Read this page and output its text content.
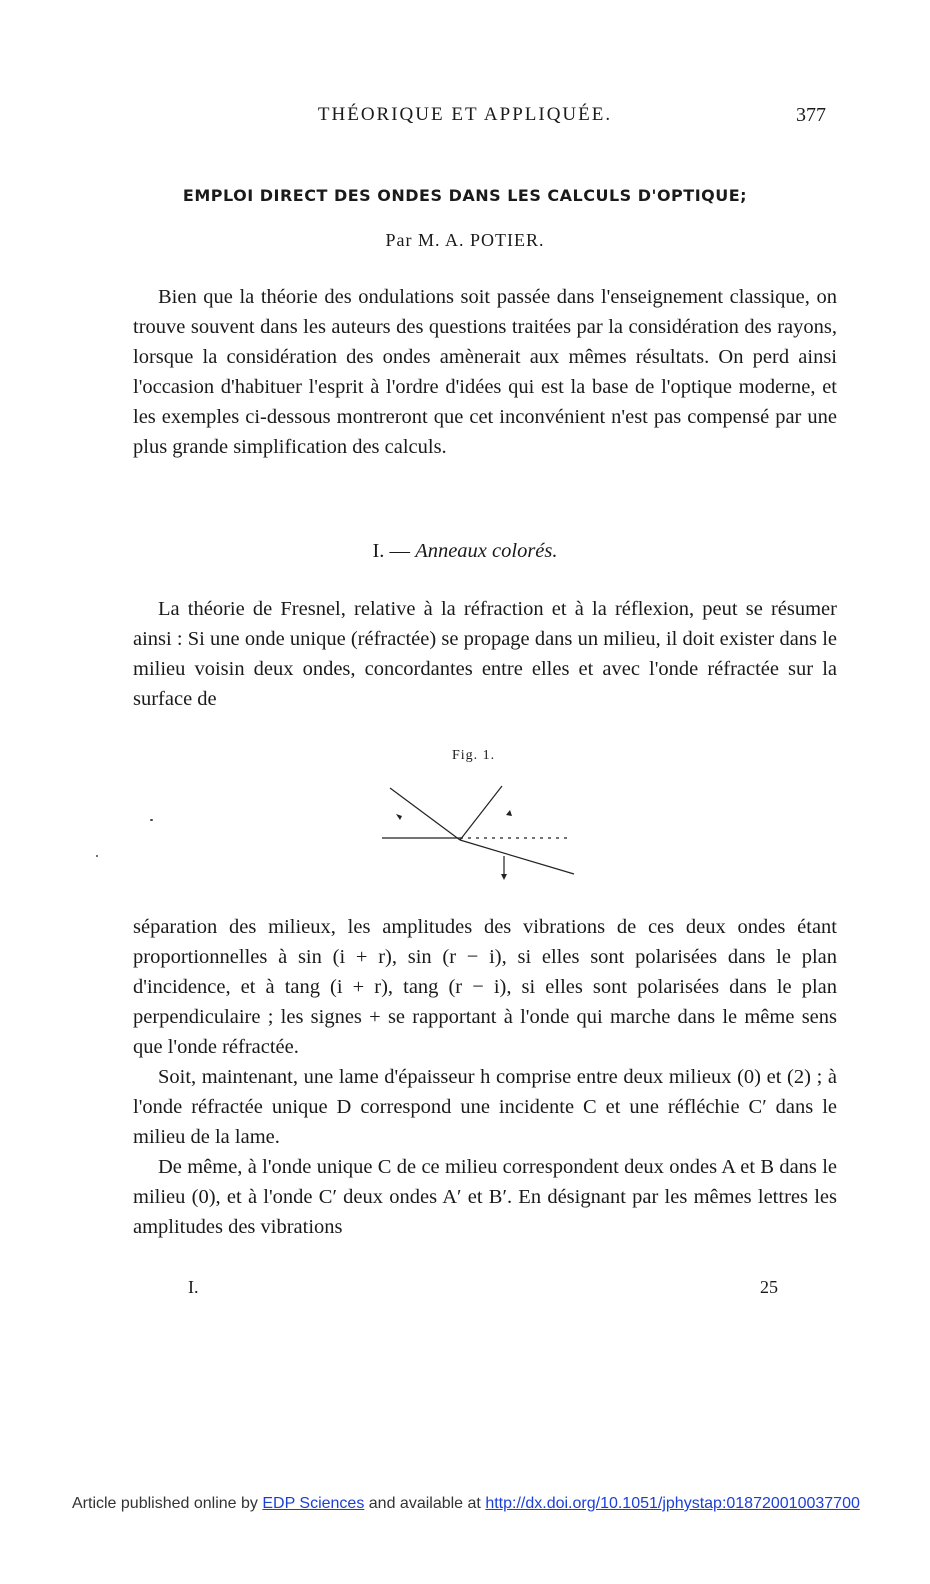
THÉORIQUE ET APPLIQUÉE.	377
EMPLOI DIRECT DES ONDES DANS LES CALCULS D'OPTIQUE;
Par M. A. POTIER.

Bien que la théorie des ondulations soit passée dans l'enseignement classique, on trouve souvent dans les auteurs des questions traitées par la considération des rayons, lorsque la considération des ondes amènerait aux mêmes résultats. On perd ainsi l'occasion d'habituer l'esprit à l'ordre d'idées qui est la base de l'optique moderne, et les exemples ci-dessous montreront que cet inconvénient n'est pas compensé par une plus grande simplification des calculs.

I. — Anneaux colorés.

La théorie de Fresnel, relative à la réfraction et à la réflexion, peut se résumer ainsi : Si une onde unique (réfractée) se propage dans un milieu, il doit exister dans le milieu voisin deux ondes, concordantes entre elles et avec l'onde réfractée sur la surface de

Fig. 1.

séparation des milieux, les amplitudes des vibrations de ces deux ondes étant proportionnelles à sin (i + r), sin (r − i), si elles sont polarisées dans le plan d'incidence, et à tang (i + r), tang (r − i), si elles sont polarisées dans le plan perpendiculaire ; les signes + se rapportant à l'onde qui marche dans le même sens que l'onde réfractée.

Soit, maintenant, une lame d'épaisseur h comprise entre deux milieux (0) et (2) ; à l'onde réfractée unique D correspond une incidente C et une réfléchie C′ dans le milieu de la lame.

De même, à l'onde unique C de ce milieu correspondent deux ondes A et B dans le milieu (0), et à l'onde C′ deux ondes A′ et B′. En désignant par les mêmes lettres les amplitudes des vibrations

I.	25
Article published online by EDP Sciences and available at http://dx.doi.org/10.1051/jphystap:018720010037700
